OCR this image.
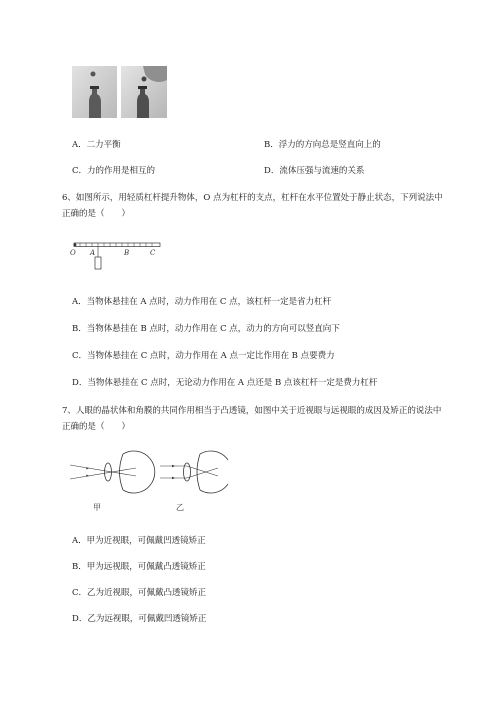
A．二力平衡	B．浮力的方向总是竖直向上的
C．力的作用是相互的	D．流体压强与流速的关系
6、如图所示，用轻质杠杆提升物体，O 点为杠杆的支点，杠杆在水平位置处于静止状态，下列说法中
正确的是（　　）
O A	B	C
A．当物体悬挂在 A 点时，动力作用在 C 点，该杠杆一定是省力杠杆
B．当物体悬挂在 B 点时，动力作用在 C 点，动力的方向可以竖直向下
C．当物体悬挂在 C 点时，动力作用在 A 点一定比作用在 B 点要费力
D．当物体悬挂在 C 点时，无论动力作用在 A 点还是 B 点该杠杆一定是费力杠杆
7、人眼的晶状体和角膜的共同作用相当于凸透镜，如图中关于近视眼与远视眼的成因及矫正的说法中
正确的是（　　）
甲	乙
A．甲为近视眼，可佩戴凹透镜矫正
B．甲为远视眼，可佩戴凸透镜矫正
C．乙为近视眼，可佩戴凸透镜矫正
D．乙为远视眼，可佩戴凹透镜矫正
